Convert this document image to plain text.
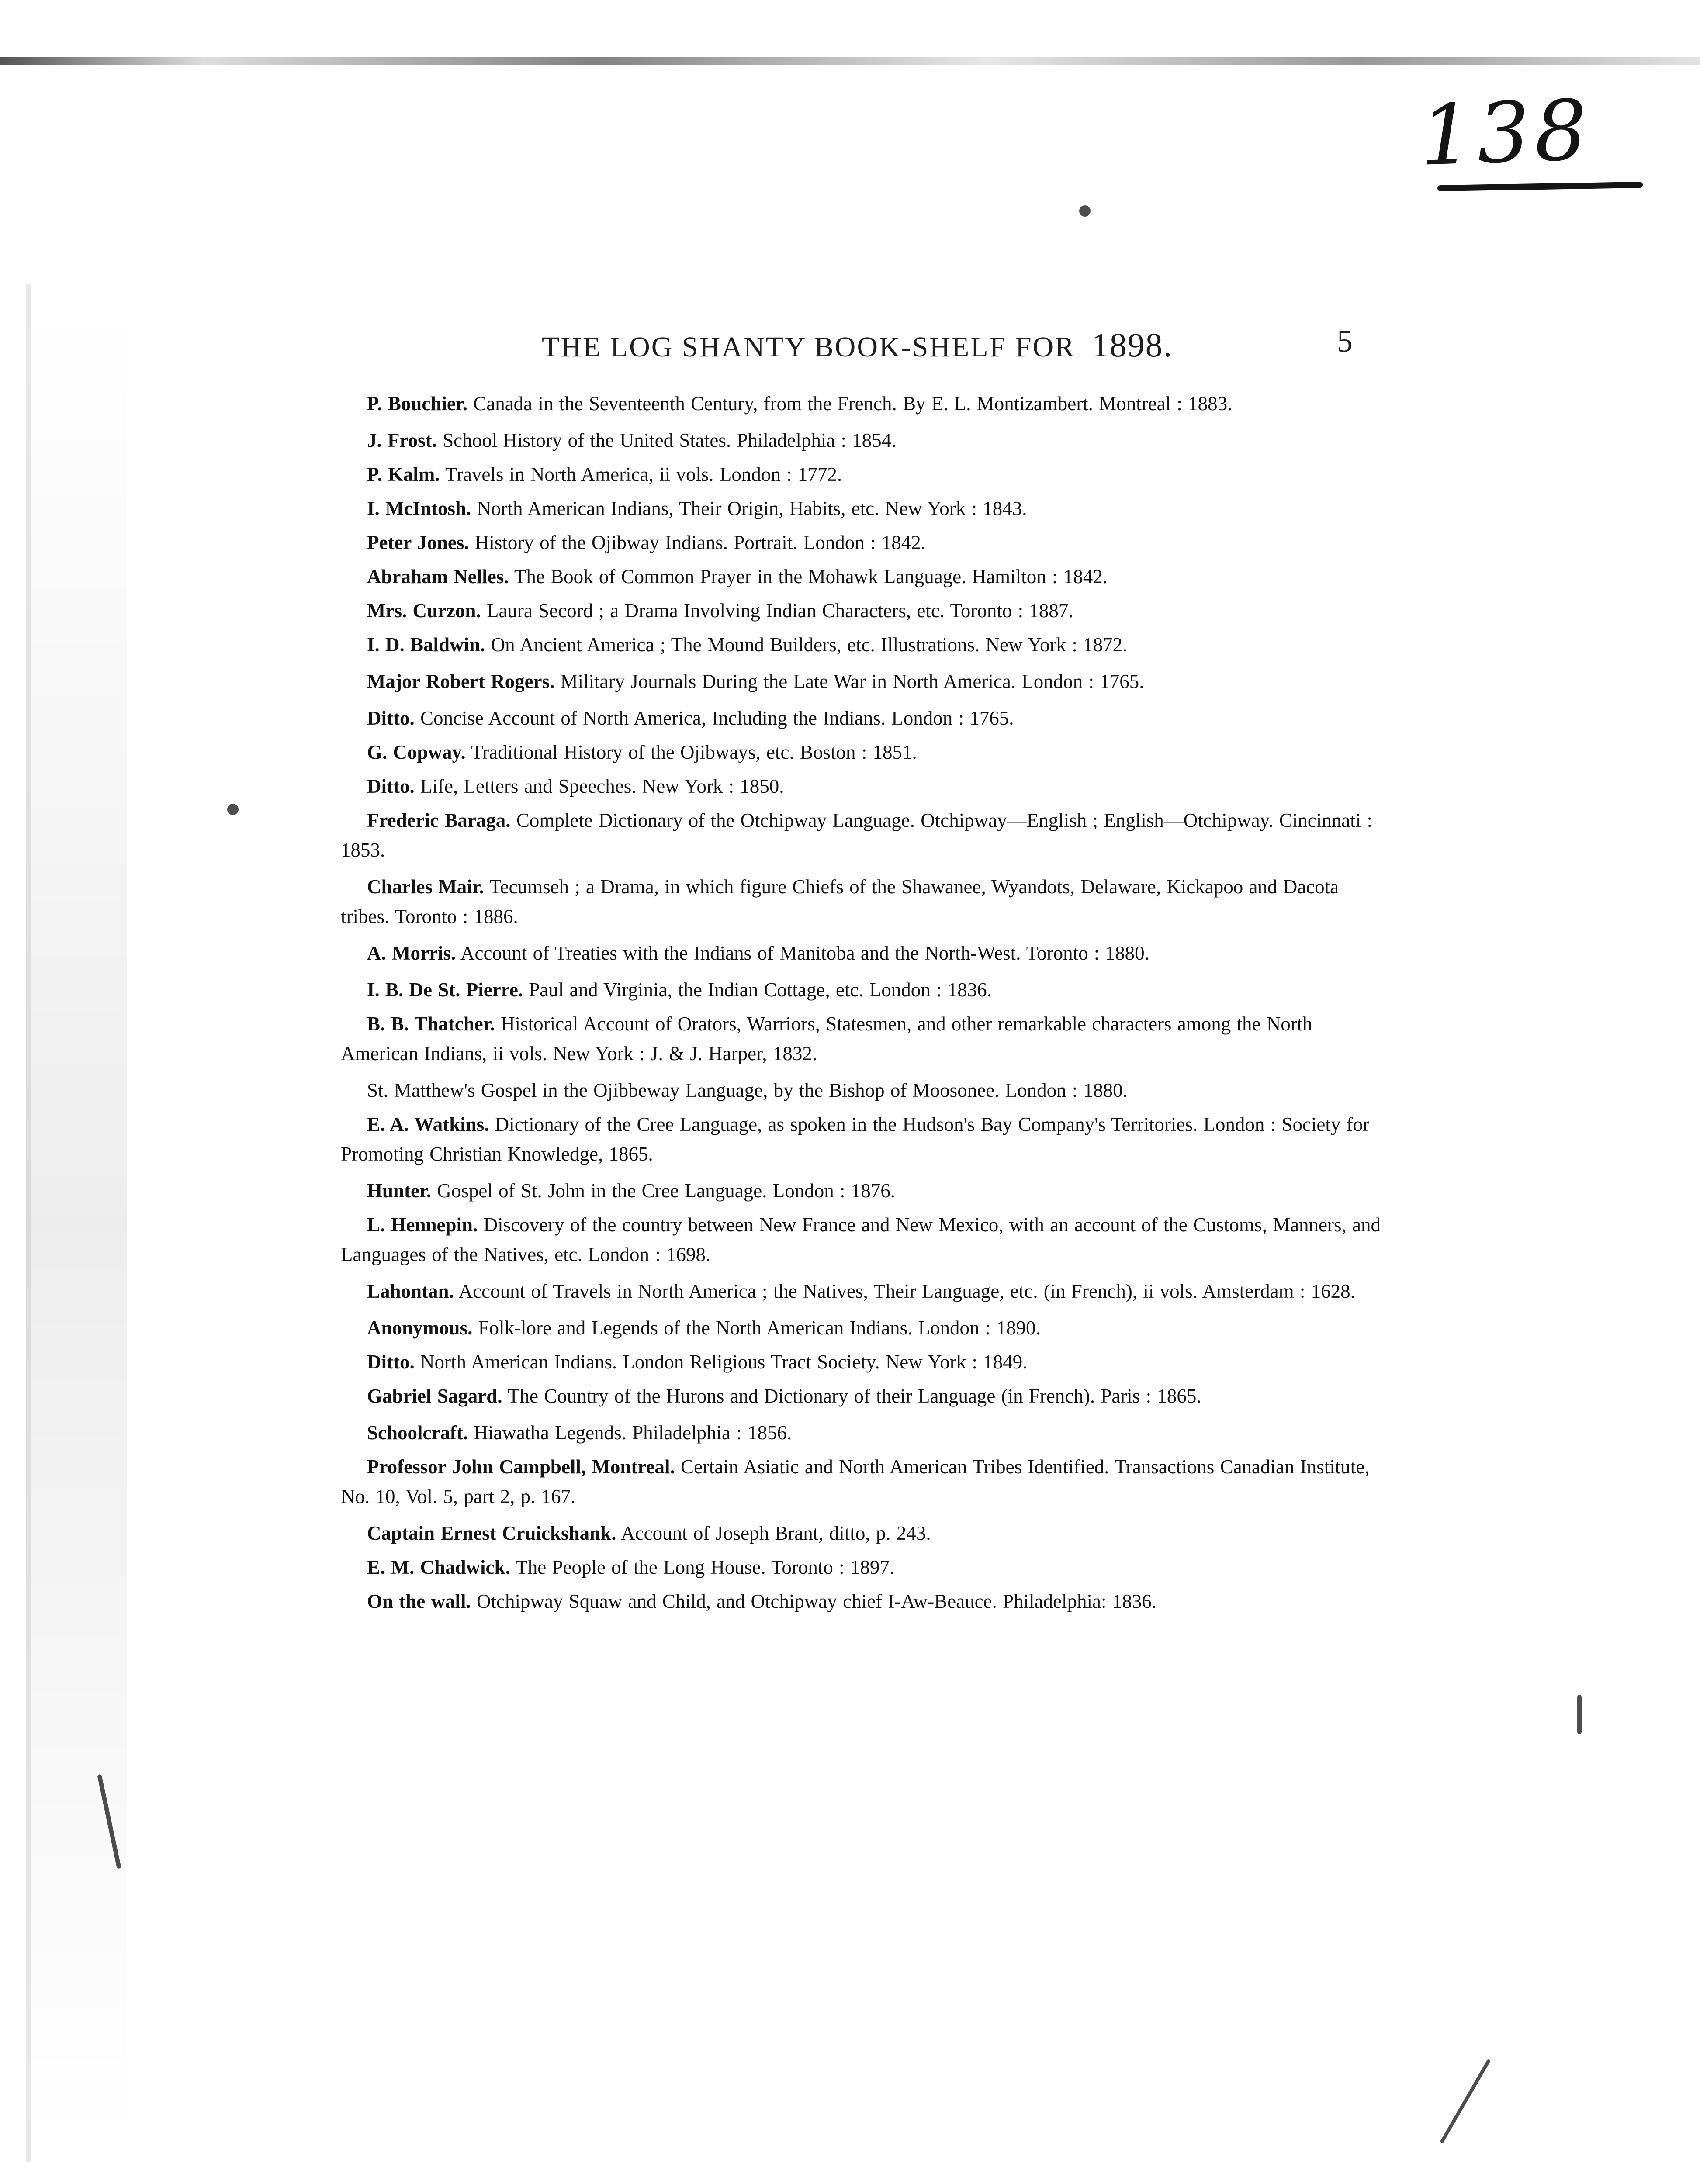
138
THE LOG SHANTY BOOK-SHELF FOR 1898.	5

P. Bouchier. Canada in the Seventeenth Century, from the French. By E. L. Montizambert. Montreal : 1883.

J. Frost. School History of the United States. Philadelphia : 1854.

P. Kalm. Travels in North America, ii vols. London : 1772.

I. McIntosh. North American Indians, Their Origin, Habits, etc. New York : 1843.

Peter Jones. History of the Ojibway Indians. Portrait. London : 1842.

Abraham Nelles. The Book of Common Prayer in the Mohawk Language. Hamilton : 1842.

Mrs. Curzon. Laura Secord ; a Drama Involving Indian Characters, etc. Toronto : 1887.

I. D. Baldwin. On Ancient America ; The Mound Builders, etc. Illustrations. New York : 1872.

Major Robert Rogers. Military Journals During the Late War in North America. London : 1765.

Ditto. Concise Account of North America, Including the Indians. London : 1765.

G. Copway. Traditional History of the Ojibways, etc. Boston : 1851.

Ditto. Life, Letters and Speeches. New York : 1850.

Frederic Baraga. Complete Dictionary of the Otchipway Language. Otchipway—English ; English—Otchipway. Cincinnati : 1853.

Charles Mair. Tecumseh ; a Drama, in which figure Chiefs of the Shawanee, Wyandots, Delaware, Kickapoo and Dacota tribes. Toronto : 1886.

A. Morris. Account of Treaties with the Indians of Manitoba and the North-West. Toronto : 1880.

I. B. De St. Pierre. Paul and Virginia, the Indian Cottage, etc. London : 1836.

B. B. Thatcher. Historical Account of Orators, Warriors, Statesmen, and other remarkable characters among the North American Indians, ii vols. New York : J. & J. Harper, 1832.

St. Matthew's Gospel in the Ojibbeway Language, by the Bishop of Moosonee. London : 1880.

E. A. Watkins. Dictionary of the Cree Language, as spoken in the Hudson's Bay Company's Territories. London : Society for Promoting Christian Knowledge, 1865.

Hunter. Gospel of St. John in the Cree Language. London : 1876.

L. Hennepin. Discovery of the country between New France and New Mexico, with an account of the Customs, Manners, and Languages of the Natives, etc. London : 1698.

Lahontan. Account of Travels in North America ; the Natives, Their Language, etc. (in French), ii vols. Amsterdam : 1628.

Anonymous. Folk-lore and Legends of the North American Indians. London : 1890.

Ditto. North American Indians. London Religious Tract Society. New York : 1849.

Gabriel Sagard. The Country of the Hurons and Dictionary of their Language (in French). Paris : 1865.

Schoolcraft. Hiawatha Legends. Philadelphia : 1856.

Professor John Campbell, Montreal. Certain Asiatic and North American Tribes Identified. Transactions Canadian Institute, No. 10, Vol. 5, part 2, p. 167.

Captain Ernest Cruickshank. Account of Joseph Brant, ditto, p. 243.

E. M. Chadwick. The People of the Long House. Toronto : 1897.

On the wall. Otchipway Squaw and Child, and Otchipway chief I-Aw-Beauce. Philadelphia: 1836.
